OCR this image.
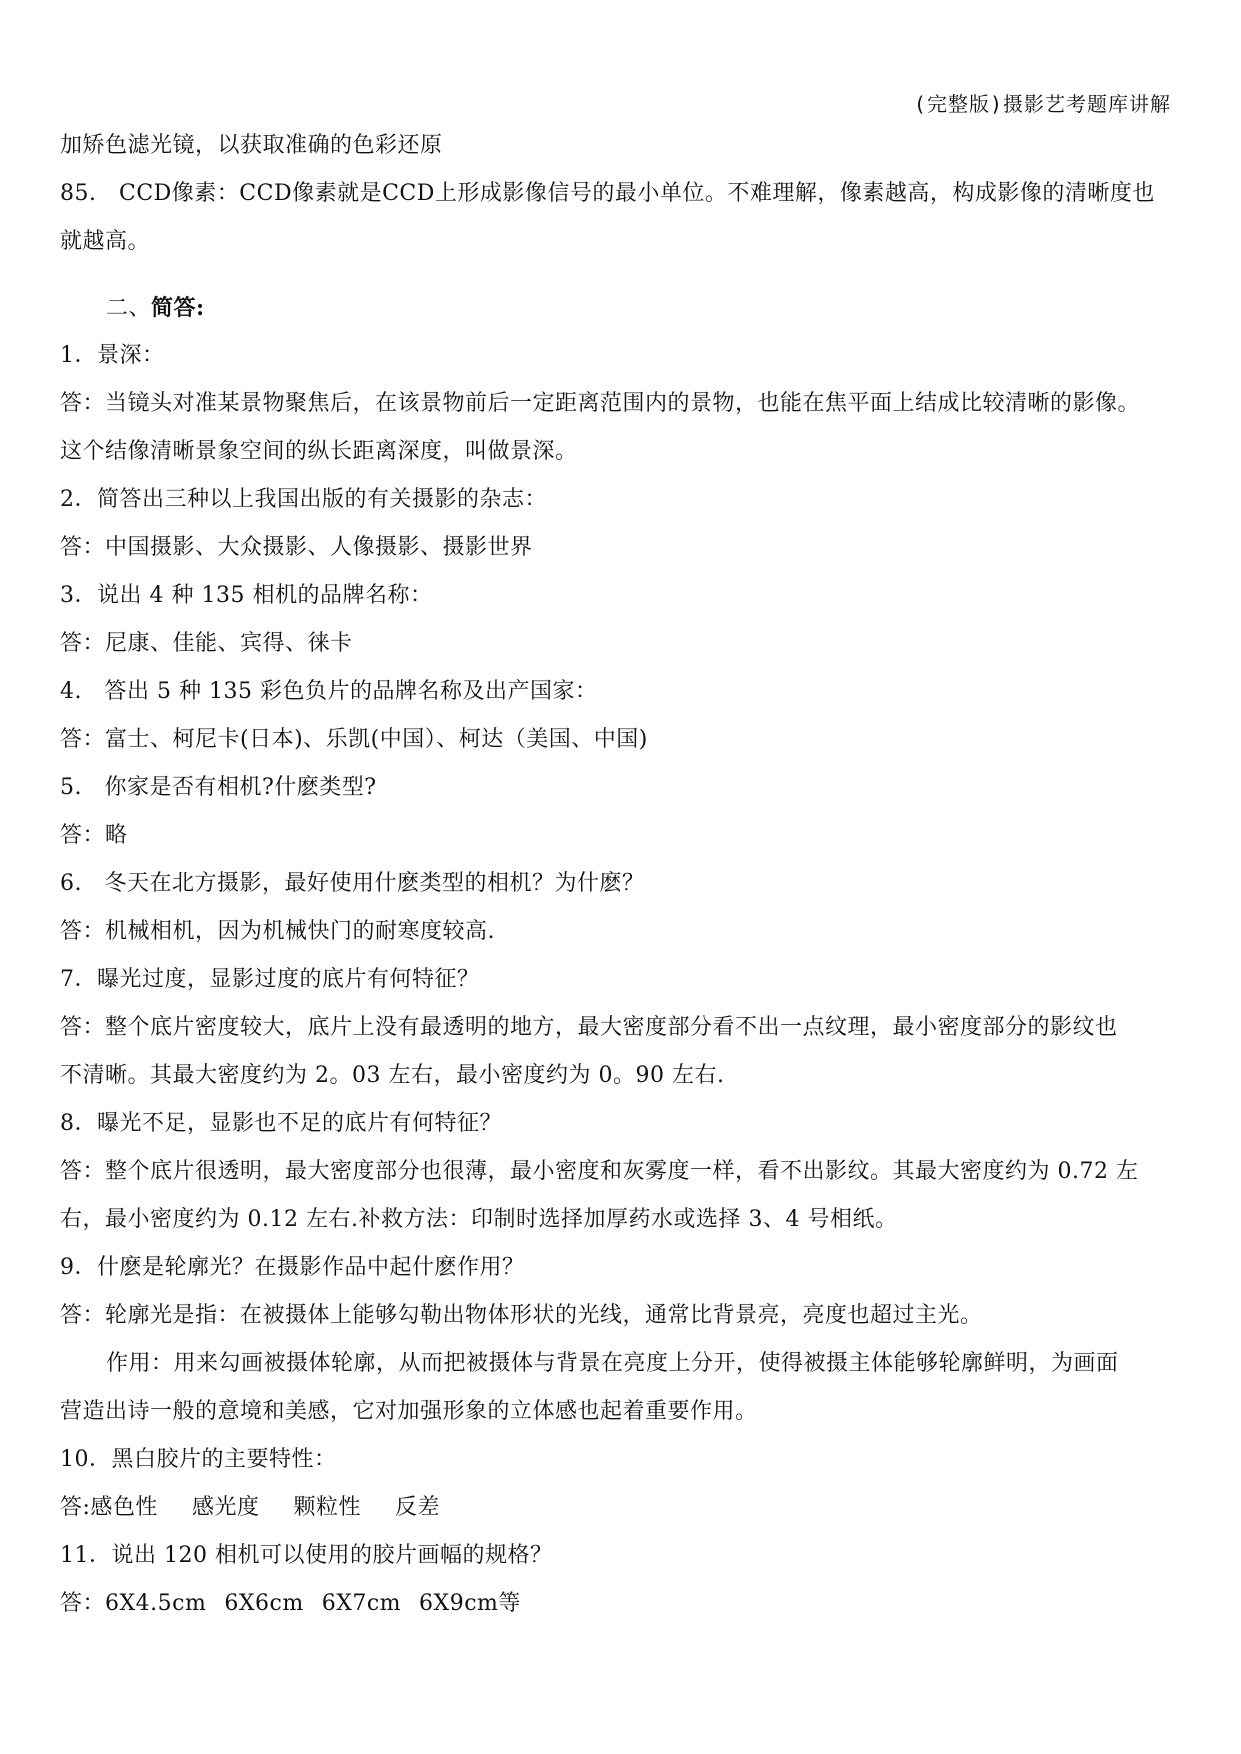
(完整版)摄影艺考题库讲解
加矫色滤光镜，以获取准确的色彩还原
85.　CCD像素：CCD像素就是CCD上形成影像信号的最小单位。不难理解，像素越高，构成影像的清晰度也
就越高。
二、简答:
1．景深：
答：当镜头对准某景物聚焦后，在该景物前后一定距离范围内的景物，也能在焦平面上结成比较清晰的影像。
这个结像清晰景象空间的纵长距离深度，叫做景深。
2．简答出三种以上我国出版的有关摄影的杂志：
答：中国摄影、大众摄影、人像摄影、摄影世界
3．说出 4 种 135 相机的品牌名称：
答：尼康、佳能、宾得、徕卡
4.　答出 5 种 135 彩色负片的品牌名称及出产国家：
答：富士、柯尼卡(日本)、乐凯(中国）、柯达（美国、中国)
5.　你家是否有相机?什麽类型?
答：略
6.　冬天在北方摄影，最好使用什麽类型的相机？为什麽？
答：机械相机，因为机械快门的耐寒度较高.
7．曝光过度，显影过度的底片有何特征？
答：整个底片密度较大，底片上没有最透明的地方，最大密度部分看不出一点纹理，最小密度部分的影纹也
不清晰。其最大密度约为 2。03 左右，最小密度约为 0。90 左右.
8．曝光不足，显影也不足的底片有何特征？
答：整个底片很透明，最大密度部分也很薄，最小密度和灰雾度一样，看不出影纹。其最大密度约为 0.72 左
右，最小密度约为 0.12 左右.补救方法：印制时选择加厚药水或选择 3、4 号相纸。
9．什麽是轮廓光？在摄影作品中起什麽作用？
答：轮廓光是指：在被摄体上能够勾勒出物体形状的光线，通常比背景亮，亮度也超过主光。
作用：用来勾画被摄体轮廓，从而把被摄体与背景在亮度上分开，使得被摄主体能够轮廓鲜明，为画面
营造出诗一般的意境和美感，它对加强形象的立体感也起着重要作用。
10．黑白胶片的主要特性：
答:感色性 感光度 颗粒性 反差
11．说出 120 相机可以使用的胶片画幅的规格？
答：6X4.5cm 6X6cm 6X7cm 6X9cm等
